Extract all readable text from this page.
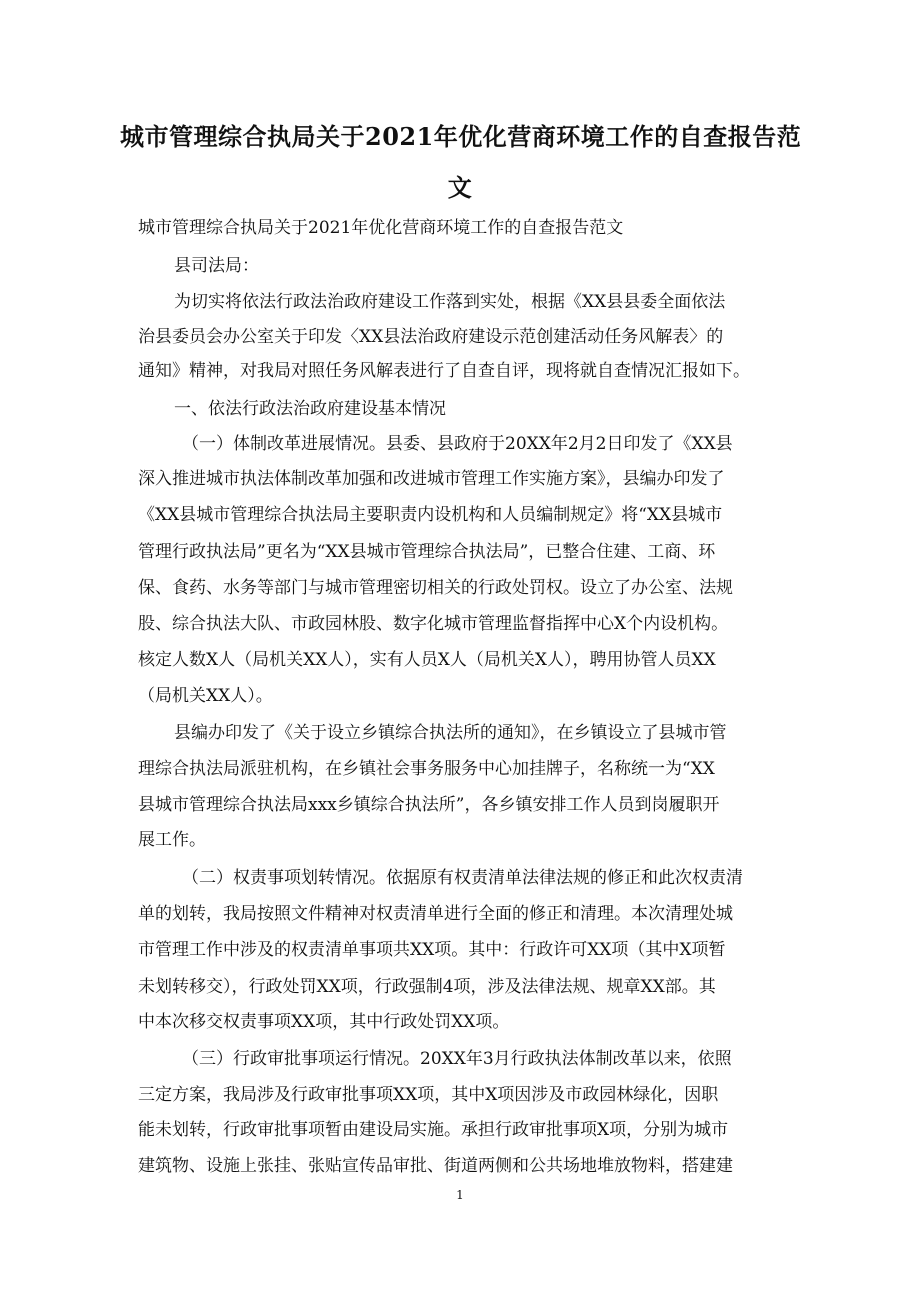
城市管理综合执局关于2021年优化营商环境工作的自查报告范
文
城市管理综合执局关于2021年优化营商环境工作的自查报告范文
县司法局：
为切实将依法行政法治政府建设工作落到实处，根据《XX县县委全面依法
治县委员会办公室关于印发〈XX县法治政府建设示范创建活动任务风解表〉的
通知》精神，对我局对照任务风解表进行了自查自评，现将就自查情况汇报如下。
一、依法行政法治政府建设基本情况
（一）体制改革进展情况。县委、县政府于20XX年2月2日印发了《XX县
深入推进城市执法体制改革加强和改进城市管理工作实施方案》，县编办印发了
《XX县城市管理综合执法局主要职责内设机构和人员编制规定》将“XX县城市
管理行政执法局”更名为“XX县城市管理综合执法局”，已整合住建、工商、环
保、食药、水务等部门与城市管理密切相关的行政处罚权。设立了办公室、法规
股、综合执法大队、市政园林股、数字化城市管理监督指挥中心X个内设机构。
核定人数X人（局机关XX人），实有人员X人（局机关X人），聘用协管人员XX
（局机关XX人）。
县编办印发了《关于设立乡镇综合执法所的通知》，在乡镇设立了县城市管
理综合执法局派驻机构，在乡镇社会事务服务中心加挂牌子，名称统一为“XX
县城市管理综合执法局xxx乡镇综合执法所”，各乡镇安排工作人员到岗履职开
展工作。
（二）权责事项划转情况。依据原有权责清单法律法规的修正和此次权责清
单的划转，我局按照文件精神对权责清单进行全面的修正和清理。本次清理处城
市管理工作中涉及的权责清单事项共XX项。其中：行政许可XX项（其中X项暂
未划转移交），行政处罚XX项，行政强制4项，涉及法律法规、规章XX部。其
中本次移交权责事项XX项，其中行政处罚XX项。
（三）行政审批事项运行情况。20XX年3月行政执法体制改革以来，依照
三定方案，我局涉及行政审批事项XX项，其中X项因涉及市政园林绿化，因职
能未划转，行政审批事项暂由建设局实施。承担行政审批事项X项，分别为城市
建筑物、设施上张挂、张贴宣传品审批、街道两侧和公共场地堆放物料，搭建建
1
